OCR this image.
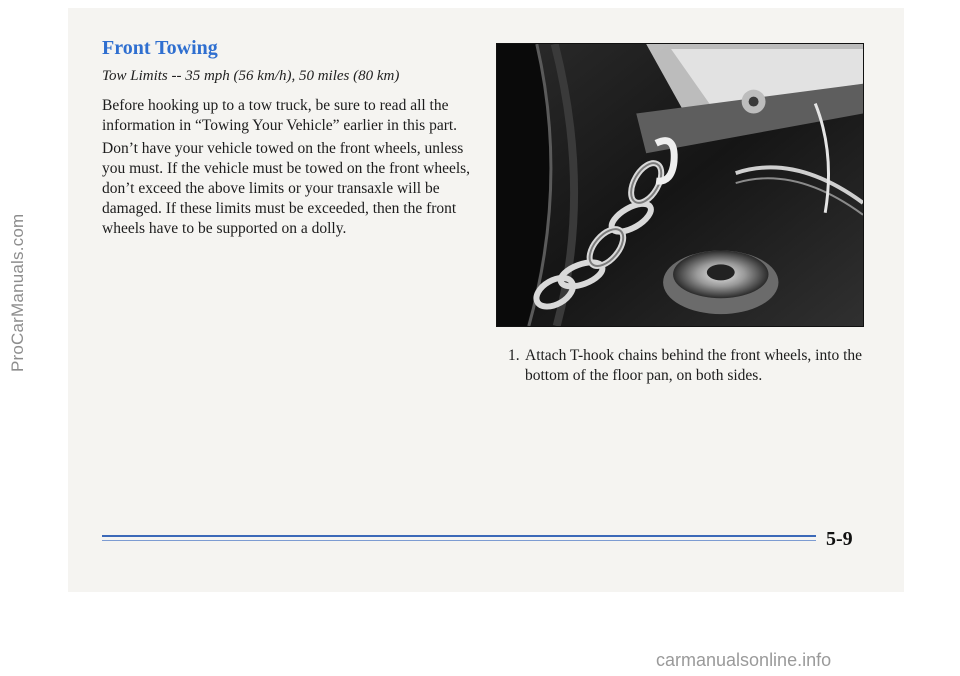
Front Towing
Tow Limits -- 35 mph (56 km/h), 50 miles (80 km)

Before hooking up to a tow truck, be sure to read all the information in “Towing Your Vehicle” earlier in this part.

Don’t have your vehicle towed on the front wheels, unless you must. If the vehicle must be towed on the front wheels, don’t exceed the above limits or your transaxle will be damaged. If these limits must be exceeded, then the front wheels have to be supported on a dolly.

1. Attach T-hook chains behind the front wheels, into the bottom of the floor pan, on both sides.
5-9
ProCarManuals.com
carmanualsonline.info
